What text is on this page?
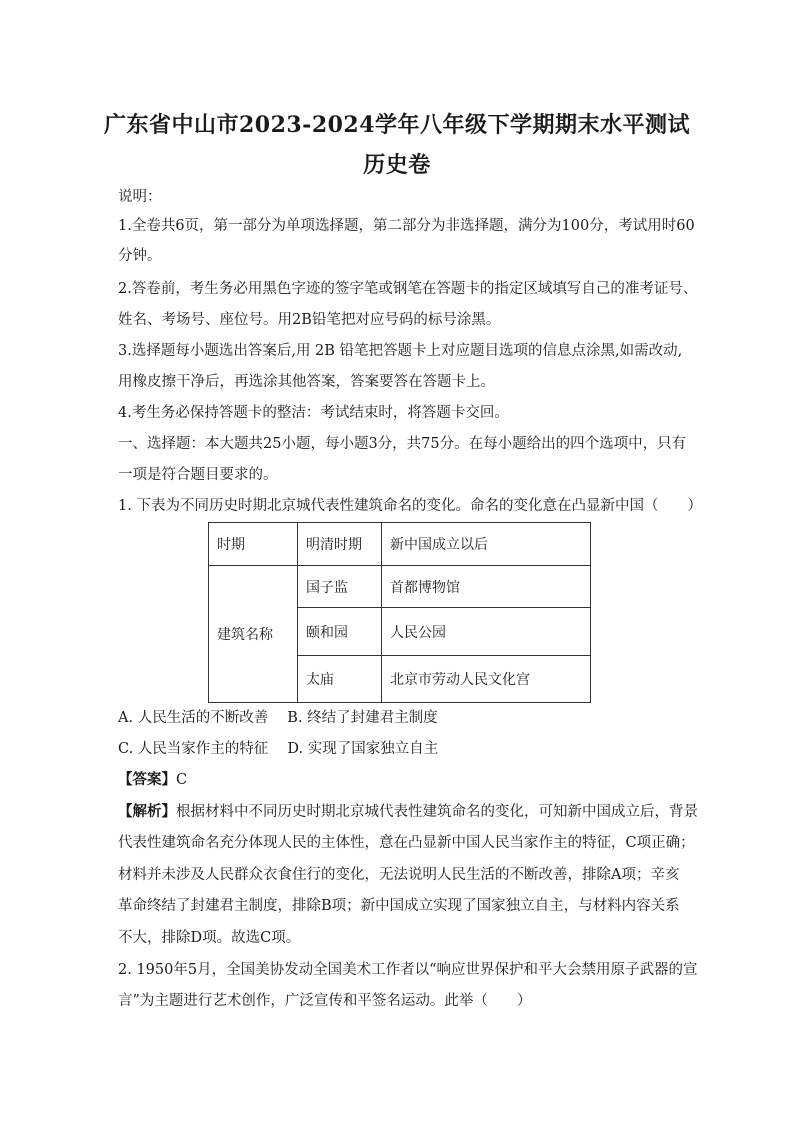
广东省中山市2023-2024学年八年级下学期期末水平测试
历史卷
说明：
1.全卷共6页，第一部分为单项选择题，第二部分为非选择题，满分为100分，考试用时60
分钟。
2.答卷前，考生务必用黑色字迹的签字笔或钢笔在答题卡的指定区域填写自己的准考证号、
姓名、考场号、座位号。用2B铅笔把对应号码的标号涂黑。
3.选择题每小题选出答案后,用 2B 铅笔把答题卡上对应题目选项的信息点涂黑,如需改动,
用橡皮擦干净后，再选涂其他答案，答案要答在答题卡上。
4.考生务必保持答题卡的整洁：考试结束时，将答题卡交回。
一、选择题：本大题共25小题，每小题3分，共75分。在每小题给出的四个选项中，只有
一项是符合题目要求的。
1. 下表为不同历史时期北京城代表性建筑命名的变化。命名的变化意在凸显新中国（　　）
时期	明清时期	新中国成立以后
建筑名称	国子监	首都博物馆
	颐和园	人民公园
	太庙	北京市劳动人民文化宫
A. 人民生活的不断改善　 B. 终结了封建君主制度
C. 人民当家作主的特征　 D. 实现了国家独立自主
【答案】C
【解析】根据材料中不同历史时期北京城代表性建筑命名的变化，可知新中国成立后，背景
代表性建筑命名充分体现人民的主体性，意在凸显新中国人民当家作主的特征，C项正确；
材料并未涉及人民群众衣食住行的变化，无法说明人民生活的不断改善，排除A项；辛亥
革命终结了封建君主制度，排除B项；新中国成立实现了国家独立自主，与材料内容关系
不大，排除D项。故选C项。
2. 1950年5月，全国美协发动全国美术工作者以“响应世界保护和平大会禁用原子武器的宣
言”为主题进行艺术创作，广泛宣传和平签名运动。此举（　　）
